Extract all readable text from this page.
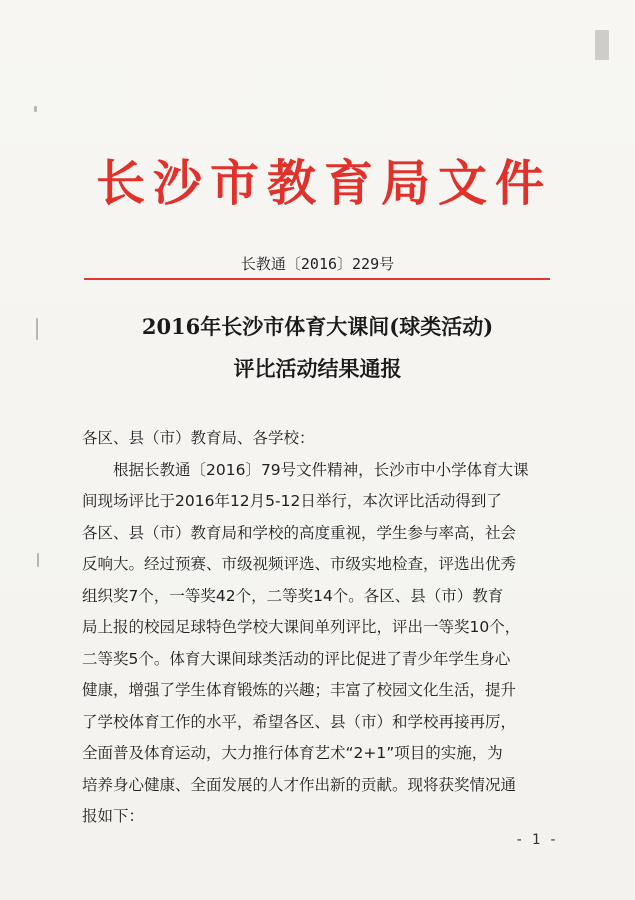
长沙市教育局文件
长教通〔2016〕229号
2016年长沙市体育大课间(球类活动)
评比活动结果通报
各区、县（市）教育局、各学校：
根据长教通〔2016〕79号文件精神，长沙市中小学体育大课
间现场评比于2016年12月5-12日举行，本次评比活动得到了
各区、县（市）教育局和学校的高度重视，学生参与率高，社会
反响大。经过预赛、市级视频评选、市级实地检查，评选出优秀
组织奖7个，一等奖42个，二等奖14个。各区、县（市）教育
局上报的校园足球特色学校大课间单列评比，评出一等奖10个，
二等奖5个。体育大课间球类活动的评比促进了青少年学生身心
健康，增强了学生体育锻炼的兴趣；丰富了校园文化生活，提升
了学校体育工作的水平，希望各区、县（市）和学校再接再厉，
全面普及体育运动，大力推行体育艺术“2+1”项目的实施，为
培养身心健康、全面发展的人才作出新的贡献。现将获奖情况通
报如下：
- 1 -
